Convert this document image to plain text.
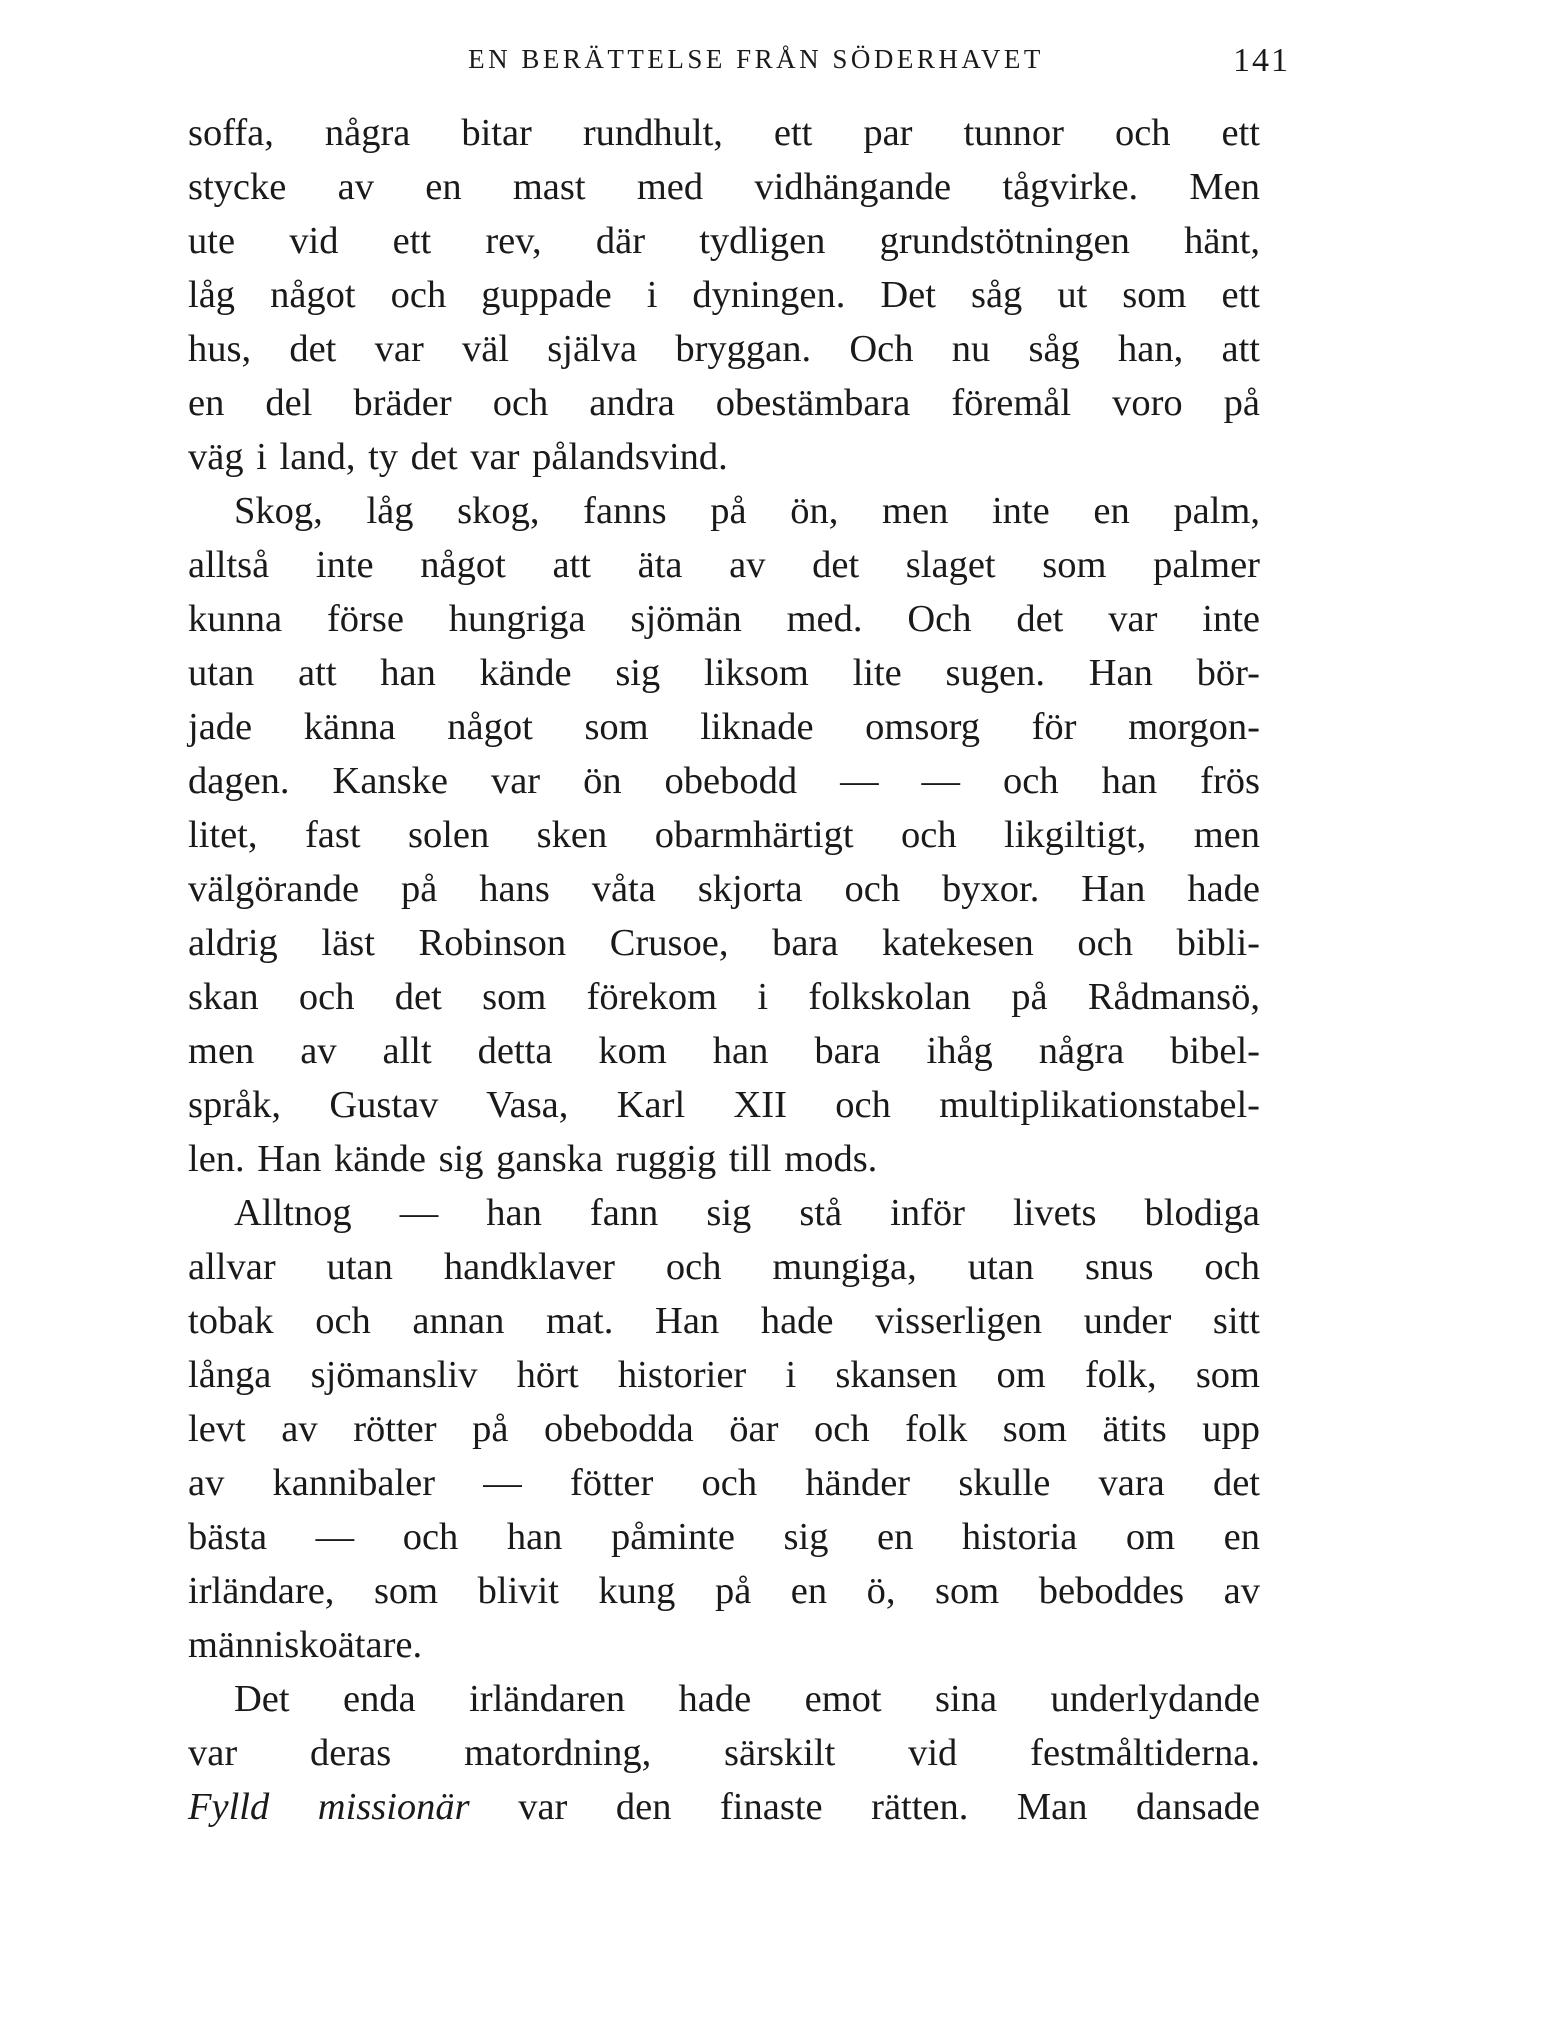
EN BERÄTTELSE FRÅN SÖDERHAVET	141

soffa, några bitar rundhult, ett par tunnor och ett
stycke av en mast med vidhängande tågvirke. Men
ute vid ett rev, där tydligen grundstötningen hänt,
låg något och guppade i dyningen. Det såg ut som ett
hus, det var väl själva bryggan. Och nu såg han, att
en del bräder och andra obestämbara föremål voro på
väg i land, ty det var pålandsvind.

Skog, låg skog, fanns på ön, men inte en palm,
alltså inte något att äta av det slaget som palmer
kunna förse hungriga sjömän med. Och det var inte
utan att han kände sig liksom lite sugen. Han bör-
jade känna något som liknade omsorg för morgon-
dagen. Kanske var ön obebodd — — och han frös
litet, fast solen sken obarmhärtigt och likgiltigt, men
välgörande på hans våta skjorta och byxor. Han hade
aldrig läst Robinson Crusoe, bara katekesen och bibli-
skan och det som förekom i folkskolan på Rådmansö,
men av allt detta kom han bara ihåg några bibel-
språk, Gustav Vasa, Karl XII och multiplikationstabel-
len. Han kände sig ganska ruggig till mods.

Alltnog — han fann sig stå inför livets blodiga
allvar utan handklaver och mungiga, utan snus och
tobak och annan mat. Han hade visserligen under sitt
långa sjömansliv hört historier i skansen om folk, som
levt av rötter på obebodda öar och folk som ätits upp
av kannibaler — fötter och händer skulle vara det
bästa — och han påminte sig en historia om en
irländare, som blivit kung på en ö, som beboddes av
människoätare.

Det enda irländaren hade emot sina underlydande
var deras matordning, särskilt vid festmåltiderna.
Fylld missionär var den finaste rätten. Man dansade
